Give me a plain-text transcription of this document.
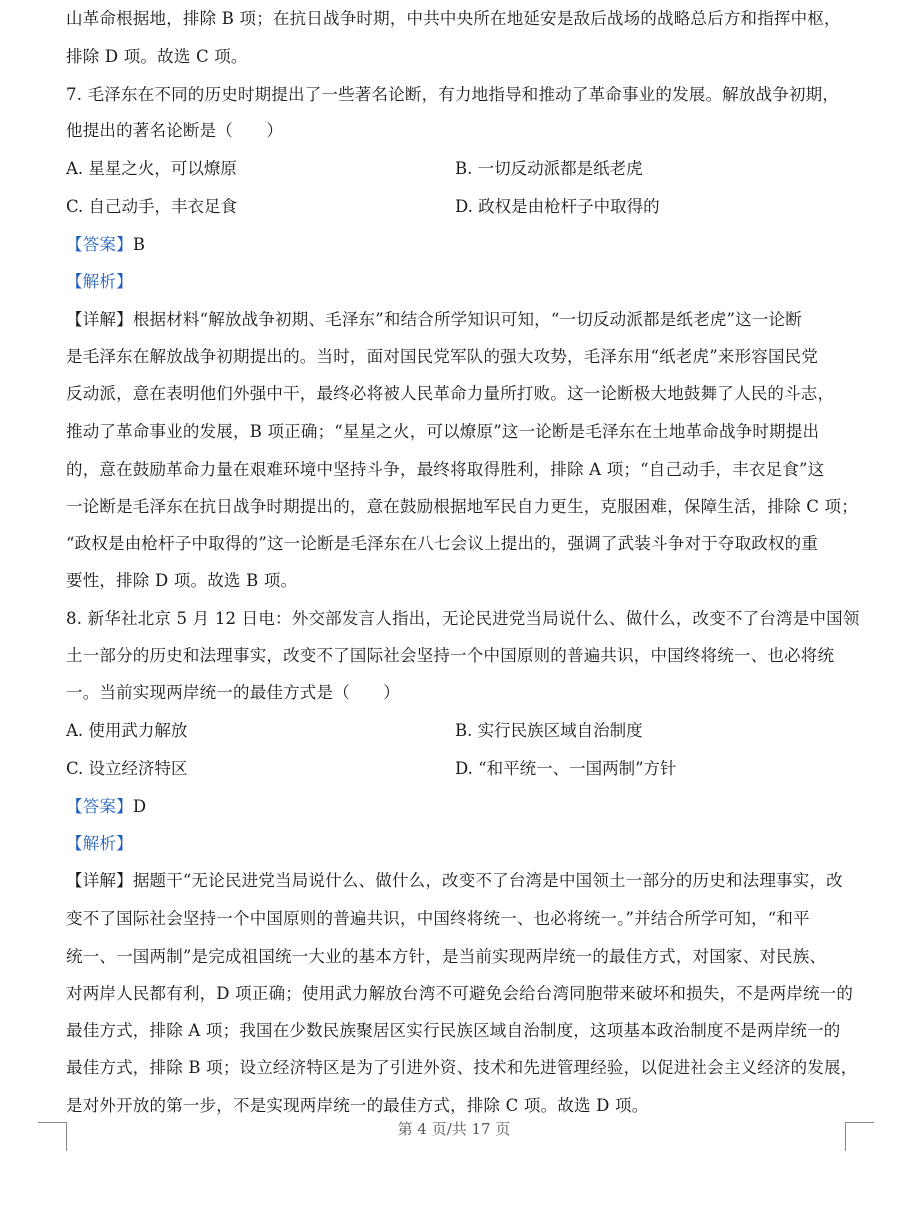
山革命根据地，排除 B 项；在抗日战争时期，中共中央所在地延安是敌后战场的战略总后方和指挥中枢，
排除 D 项。故选 C 项。
7. 毛泽东在不同的历史时期提出了一些著名论断，有力地指导和推动了革命事业的发展。解放战争初期，
他提出的著名论断是（　　）
A. 星星之火，可以燎原	B. 一切反动派都是纸老虎
C. 自己动手，丰衣足食	D. 政权是由枪杆子中取得的
【答案】B
【解析】
【详解】根据材料“解放战争初期、毛泽东”和结合所学知识可知，“一切反动派都是纸老虎”这一论断
是毛泽东在解放战争初期提出的。当时，面对国民党军队的强大攻势，毛泽东用“纸老虎”来形容国民党
反动派，意在表明他们外强中干，最终必将被人民革命力量所打败。这一论断极大地鼓舞了人民的斗志，
推动了革命事业的发展，B 项正确；“星星之火，可以燎原”这一论断是毛泽东在土地革命战争时期提出
的，意在鼓励革命力量在艰难环境中坚持斗争，最终将取得胜利，排除 A 项；“自己动手，丰衣足食”这
一论断是毛泽东在抗日战争时期提出的，意在鼓励根据地军民自力更生，克服困难，保障生活，排除 C 项；
“政权是由枪杆子中取得的”这一论断是毛泽东在八七会议上提出的，强调了武装斗争对于夺取政权的重
要性，排除 D 项。故选 B 项。
8. 新华社北京 5 月 12 日电：外交部发言人指出，无论民进党当局说什么、做什么，改变不了台湾是中国领
土一部分的历史和法理事实，改变不了国际社会坚持一个中国原则的普遍共识，中国终将统一、也必将统
一。当前实现两岸统一的最佳方式是（　　）
A. 使用武力解放	B. 实行民族区域自治制度
C. 设立经济特区	D. “和平统一、一国两制”方针
【答案】D
【解析】
【详解】据题干“无论民进党当局说什么、做什么，改变不了台湾是中国领土一部分的历史和法理事实，改
变不了国际社会坚持一个中国原则的普遍共识，中国终将统一、也必将统一。”并结合所学可知，“和平
统一、一国两制”是完成祖国统一大业的基本方针，是当前实现两岸统一的最佳方式，对国家、对民族、
对两岸人民都有利，D 项正确；使用武力解放台湾不可避免会给台湾同胞带来破坏和损失，不是两岸统一的
最佳方式，排除 A 项；我国在少数民族聚居区实行民族区域自治制度，这项基本政治制度不是两岸统一的
最佳方式，排除 B 项；设立经济特区是为了引进外资、技术和先进管理经验，以促进社会主义经济的发展，
是对外开放的第一步，不是实现两岸统一的最佳方式，排除 C 项。故选 D 项。
第 4 页/共 17 页
